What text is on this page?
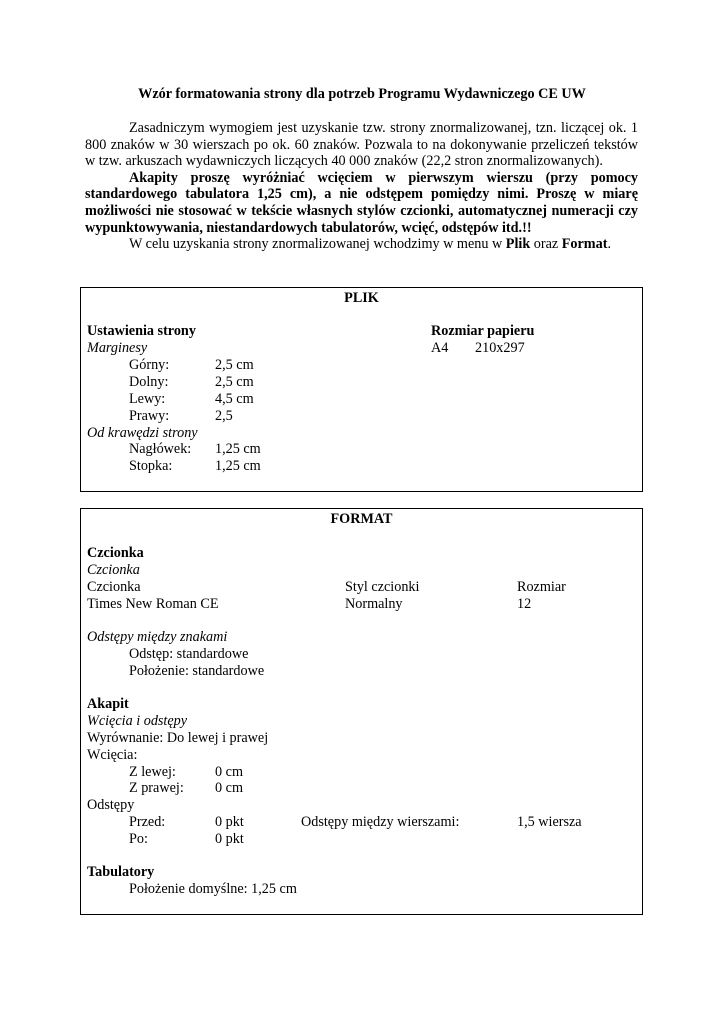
Wzór formatowania strony dla potrzeb Programu Wydawniczego CE UW

Zasadniczym wymogiem jest uzyskanie tzw. strony znormalizowanej, tzn. liczącej ok. 1 800 znaków w 30 wierszach po ok. 60 znaków. Pozwala to na dokonywanie przeliczeń tekstów w tzw. arkuszach wydawniczych liczących 40 000 znaków (22,2 stron znormalizowanych).

Akapity proszę wyróżniać wcięciem w pierwszym wierszu (przy pomocy standardowego tabulatora 1,25 cm), a nie odstępem pomiędzy nimi. Proszę w miarę możliwości nie stosować w tekście własnych stylów czcionki, automatycznej numeracji czy wypunktowywania, niestandardowych tabulatorów, wcięć, odstępów itd.!!

W celu uzyskania strony znormalizowanej wchodzimy w menu w Plik oraz Format.

PLIK
Ustawienia strony	Rozmiar papieru
Marginesy	A4 210x297
Górny:	2,5 cm
Dolny:	2,5 cm
Lewy:	4,5 cm
Prawy:	2,5
Od krawędzi strony
Nagłówek: 1,25 cm
Stopka:	1,25 cm
FORMAT
Czcionka
Czcionka
Czcionka	Styl czcionki	Rozmiar
Times New Roman CE	Normalny	12
Odstępy między znakami
Odstęp: standardowe
Położenie: standardowe
Akapit
Wcięcia i odstępy
Wyrównanie: Do lewej i prawej
Wcięcia:
Z lewej:	0 cm
Z prawej: 0 cm
Odstępy
Przed:	0 pkt	Odstępy między wierszami:	1,5 wiersza
Po:	0 pkt
Tabulatory
Położenie domyślne: 1,25 cm
